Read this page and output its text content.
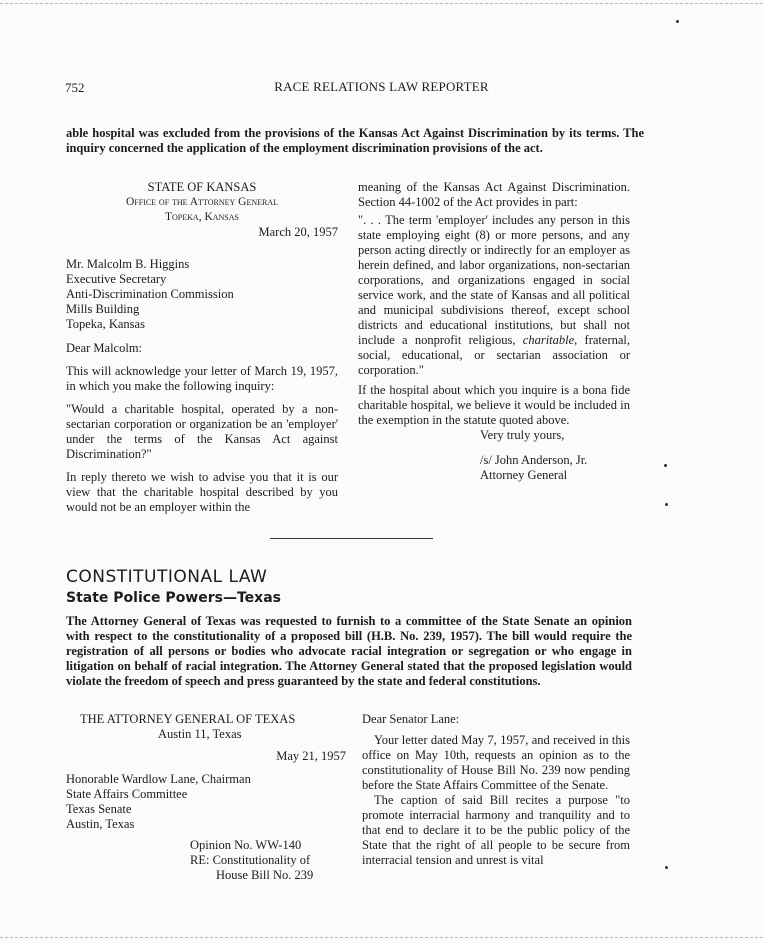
752	RACE RELATIONS LAW REPORTER
able hospital was excluded from the provisions of the Kansas Act Against Discrimination by its terms. The inquiry concerned the application of the employment discrimination provisions of the act.

STATE OF KANSAS

Office of the Attorney General

Topeka, Kansas

March 20, 1957

Mr. Malcolm B. Higgins

Executive Secretary

Anti-Discrimination Commission

Mills Building

Topeka, Kansas

Dear Malcolm:

This will acknowledge your letter of March 19, 1957, in which you make the following inquiry:

"Would a charitable hospital, operated by a non-sectarian corporation or organization be an 'employer' under the terms of the Kansas Act against Discrimination?"

In reply thereto we wish to advise you that it is our view that the charitable hospital described by you would not be an employer within the

meaning of the Kansas Act Against Discrimination. Section 44-1002 of the Act provides in part:

". . . The term 'employer' includes any person in this state employing eight (8) or more persons, and any person acting directly or indirectly for an employer as herein defined, and labor organizations, non-sectarian corporations, and organizations engaged in social service work, and the state of Kansas and all political and municipal subdivisions thereof, except school districts and educational institutions, but shall not include a nonprofit religious, charitable, fraternal, social, educational, or sectarian association or corporation."

If the hospital about which you inquire is a bona fide charitable hospital, we believe it would be included in the exemption in the statute quoted above.

Very truly yours,

/s/ John Anderson, Jr.

Attorney General

CONSTITUTIONAL LAW
State Police Powers—Texas
The Attorney General of Texas was requested to furnish to a committee of the State Senate an opinion with respect to the constitutionality of a proposed bill (H.B. No. 239, 1957). The bill would require the registration of all persons or bodies who advocate racial integration or segregation or who engage in litigation on behalf of racial integration. The Attorney General stated that the proposed legislation would violate the freedom of speech and press guaranteed by the state and federal constitutions.

THE ATTORNEY GENERAL OF TEXAS

Austin 11, Texas

May 21, 1957

Honorable Wardlow Lane, Chairman

State Affairs Committee

Texas Senate

Austin, Texas

Opinion No. WW-140

RE: Constitutionality of

House Bill No. 239

Dear Senator Lane:

Your letter dated May 7, 1957, and received in this office on May 10th, requests an opinion as to the constitutionality of House Bill No. 239 now pending before the State Affairs Committee of the Senate.

The caption of said Bill recites a purpose "to promote interracial harmony and tranquility and to that end to declare it to be the public policy of the State that the right of all people to be secure from interracial tension and unrest is vital
